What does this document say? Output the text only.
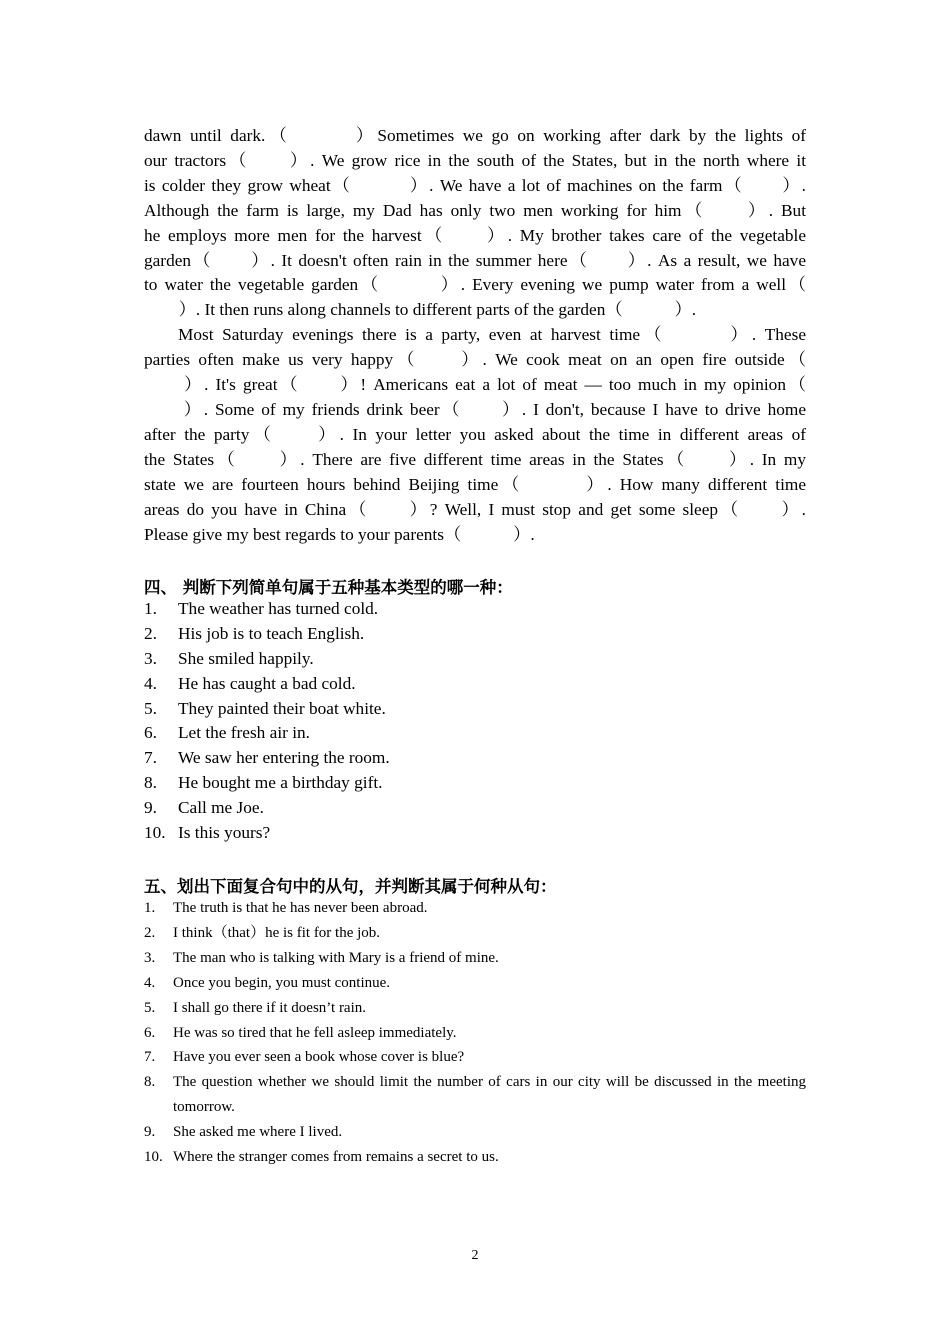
dawn until dark.（　　　）Sometimes we go on working after dark by the lights of
our tractors（　　）. We grow rice in the south of the States, but in the north where it
is colder they grow wheat（　　　）. We have a lot of machines on the farm（　　）.
Although the farm is large, my Dad has only two men working for him（　　）. But
he employs more men for the harvest（　　）. My brother takes care of the vegetable
garden（　　）. It doesn't often rain in the summer here（　　）. As a result, we have
to water the vegetable garden（　　　）. Every evening we pump water from a well（
　　）. It then runs along channels to different parts of the garden（　　　）.
Most Saturday evenings there is a party, even at harvest time（　　　）. These
parties often make us very happy（　　）. We cook meat on an open fire outside（
　　）. It's great（　　）! Americans eat a lot of meat — too much in my opinion（
　　）. Some of my friends drink beer（　　）. I don't, because I have to drive home
after the party（　　）. In your letter you asked about the time in different areas of
the States（　　）. There are five different time areas in the States（　　）. In my
state we are fourteen hours behind Beijing time（　　　）. How many different time
areas do you have in China（　　）? Well, I must stop and get some sleep（　　）.
Please give my best regards to your parents（　　　）.

四、 判断下列简单句属于五种基本类型的哪一种：
1. The weather has turned cold.
2. His job is to teach English.
3. She smiled happily.
4. He has caught a bad cold.
5. They painted their boat white.
6. Let the fresh air in.
7. We saw her entering the room.
8. He bought me a birthday gift.
9. Call me Joe.
10. Is this yours?
五、划出下面复合句中的从句，并判断其属于何种从句：
1. The truth is that he has never been abroad.
2. I think（that）he is fit for the job.
3. The man who is talking with Mary is a friend of mine.
4. Once you begin, you must continue.
5. I shall go there if it doesn’t rain.
6. He was so tired that he fell asleep immediately.
7. Have you ever seen a book whose cover is blue?
8. The question whether we should limit the number of cars in our city will be discussed in the meeting tomorrow.
9. She asked me where I lived.
10. Where the stranger comes from remains a secret to us.
2
